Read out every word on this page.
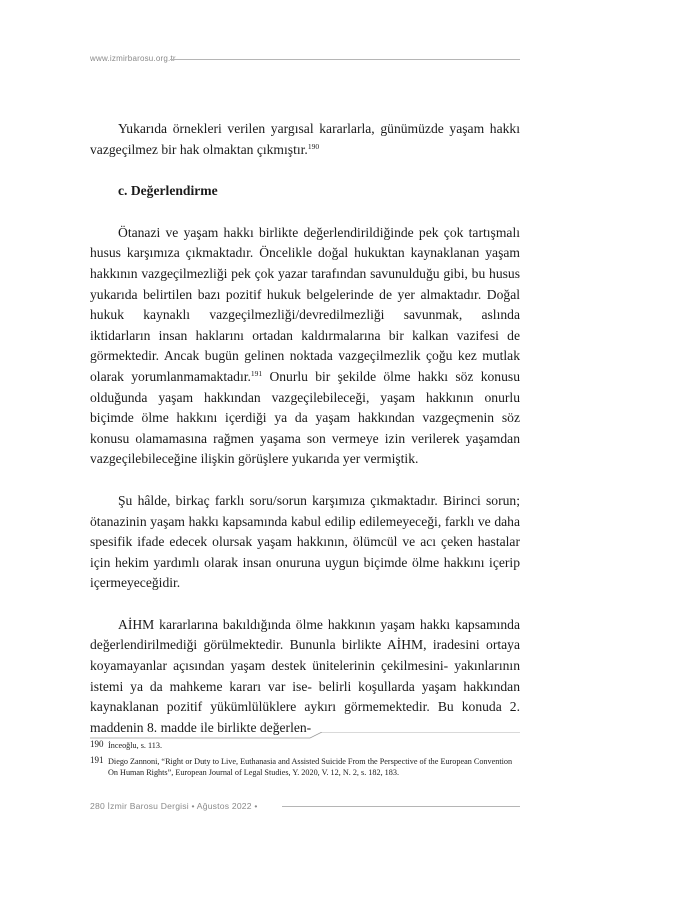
www.izmirbarosu.org.tr

Yukarıda örnekleri verilen yargısal kararlarla, günümüzde yaşam hakkı vazgeçilmez bir hak olmaktan çıkmıştır.$^{190}$

c. Değerlendirme

Ötanazi ve yaşam hakkı birlikte değerlendirildiğinde pek çok tartışmalı husus karşımıza çıkmaktadır. Öncelikle doğal hukuktan kaynaklanan yaşam hakkının vazgeçilmezliği pek çok yazar tarafından savunulduğu gibi, bu husus yukarıda belirtilen bazı pozitif hukuk belgelerinde de yer almaktadır. Doğal hukuk kaynaklı vazgeçilmezliği/devredilmezliği savunmak, aslında iktidarların insan haklarını ortadan kaldırmalarına bir kalkan vazifesi de görmektedir. Ancak bugün gelinen noktada vazgeçilmezlik çoğu kez mutlak olarak yorumlanmamaktadır.$^{191}$ Onurlu bir şekilde ölme hakkı söz konusu olduğunda yaşam hakkından vazgeçilebileceği, yaşam hakkının onurlu biçimde ölme hakkını içerdiği ya da yaşam hakkından vazgeçmenin söz konusu olamamasına rağmen yaşama son vermeye izin verilerek yaşamdan vazgeçilebileceğine ilişkin görüşlere yukarıda yer vermiştik.

Şu hâlde, birkaç farklı soru/sorun karşımıza çıkmaktadır. Birinci sorun; ötanazinin yaşam hakkı kapsamında kabul edilip edilemeyeceği, farklı ve daha spesifik ifade edecek olursak yaşam hakkının, ölümcül ve acı çeken hastalar için hekim yardımlı olarak insan onuruna uygun biçimde ölme hakkını içerip içermeyeceğidir.

AİHM kararlarına bakıldığında ölme hakkının yaşam hakkı kapsamında değerlendirilmediği görülmektedir. Bununla birlikte AİHM, iradesini ortaya koyamayanlar açısından yaşam destek ünitelerinin çekilmesini- yakınlarının istemi ya da mahkeme kararı var ise- belirli koşullarda yaşam hakkından kaynaklanan pozitif yükümlülüklere aykırı görmemektedir. Bu konuda 2. maddenin 8. madde ile birlikte değerlen-

190 İnceoğlu, s. 113.

191 Diego Zannoni, “Right or Duty to Live, Euthanasia and Assisted Suicide From the Perspective of the European Convention On Human Rights”, European Journal of Legal Studies, Y. 2020, V. 12, N. 2, s. 182, 183.

280 İzmir Barosu Dergisi • Ağustos 2022 •
